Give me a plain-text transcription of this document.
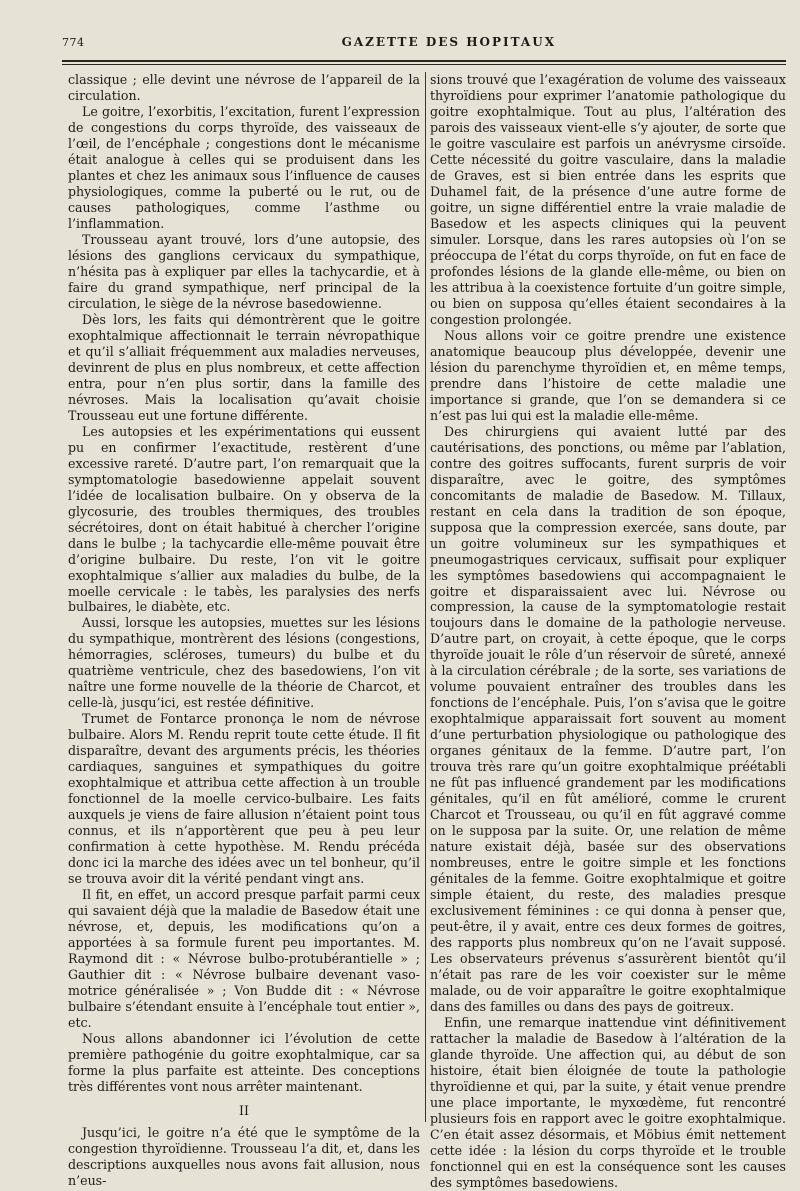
774	GAZETTE DES HOPITAUX

classique ; elle devint une névrose de l’appareil de la circulation.

Le goitre, l’exorbitis, l’excitation, furent l’expression de congestions du corps thyroïde, des vaisseaux de l’œil, de l’encéphale ; congestions dont le mécanisme était analogue à celles qui se produisent dans les plantes et chez les animaux sous l’influence de causes physiologiques, comme la puberté ou le rut, ou de causes pathologiques, comme l’asthme ou l’inflammation.

Trousseau ayant trouvé, lors d’une autopsie, des lésions des ganglions cervicaux du sympathique, n’hésita pas à expliquer par elles la tachycardie, et à faire du grand sympathique, nerf principal de la circulation, le siège de la névrose basedowienne.

Dès lors, les faits qui démontrèrent que le goitre exophtalmique affectionnait le terrain névropathique et qu’il s’alliait fréquemment aux maladies nerveuses, devinrent de plus en plus nombreux, et cette affection entra, pour n’en plus sortir, dans la famille des névroses. Mais la localisation qu’avait choisie Trousseau eut une fortune différente.

Les autopsies et les expérimentations qui eussent pu en confirmer l’exactitude, restèrent d’une excessive rareté. D’autre part, l’on remarquait que la symptomatologie basedowienne appelait souvent l’idée de localisation bulbaire. On y observa de la glycosurie, des troubles thermiques, des troubles sécrétoires, dont on était habitué à chercher l’origine dans le bulbe ; la tachycardie elle-même pouvait être d’origine bulbaire. Du reste, l’on vit le goitre exophtalmique s’allier aux maladies du bulbe, de la moelle cervicale : le tabès, les paralysies des nerfs bulbaires, le diabète, etc.

Aussi, lorsque les autopsies, muettes sur les lésions du sympathique, montrèrent des lésions (congestions, hémorragies, scléroses, tumeurs) du bulbe et du quatrième ventricule, chez des basedowiens, l’on vit naître une forme nouvelle de la théorie de Charcot, et celle-là, jusqu’ici, est restée définitive.

Trumet de Fontarce prononça le nom de névrose bulbaire. Alors M. Rendu reprit toute cette étude. Il fit disparaître, devant des arguments précis, les théories cardiaques, sanguines et sympathiques du goitre exophtalmique et attribua cette affection à un trouble fonctionnel de la moelle cervico-bulbaire. Les faits auxquels je viens de faire allusion n’étaient point tous connus, et ils n’apportèrent que peu à peu leur confirmation à cette hypothèse. M. Rendu précéda donc ici la marche des idées avec un tel bonheur, qu’il se trouva avoir dit la vérité pendant vingt ans.

Il fit, en effet, un accord presque parfait parmi ceux qui savaient déjà que la maladie de Basedow était une névrose, et, depuis, les modifications qu’on a apportées à sa formule furent peu importantes. M. Raymond dit : « Névrose bulbo-protubérantielle » ; Gauthier dit : « Névrose bulbaire devenant vaso-motrice généralisée » ; Von Budde dit : « Névrose bulbaire s’étendant ensuite à l’encéphale tout entier », etc.

Nous allons abandonner ici l’évolution de cette première pathogénie du goitre exophtalmique, car sa forme la plus parfaite est atteinte. Des conceptions très différentes vont nous arrêter maintenant.

II

Jusqu’ici, le goitre n’a été que le symptôme de la congestion thyroïdienne. Trousseau l’a dit, et, dans les descriptions auxquelles nous avons fait allusion, nous n’eus-

sions trouvé que l’exagération de volume des vaisseaux thyroïdiens pour exprimer l’anatomie pathologique du goitre exophtalmique. Tout au plus, l’altération des parois des vaisseaux vient-elle s’y ajouter, de sorte que le goitre vasculaire est parfois un anévrysme cirsoïde. Cette nécessité du goitre vasculaire, dans la maladie de Graves, est si bien entrée dans les esprits que Duhamel fait, de la présence d’une autre forme de goitre, un signe différentiel entre la vraie maladie de Basedow et les aspects cliniques qui la peuvent simuler. Lorsque, dans les rares autopsies où l’on se préoccupa de l’état du corps thyroïde, on fut en face de profondes lésions de la glande elle-même, ou bien on les attribua à la coexistence fortuite d’un goitre simple, ou bien on supposa qu’elles étaient secondaires à la congestion prolongée.

Nous allons voir ce goitre prendre une existence anatomique beaucoup plus développée, devenir une lésion du parenchyme thyroïdien et, en même temps, prendre dans l’histoire de cette maladie une importance si grande, que l’on se demandera si ce n’est pas lui qui est la maladie elle-même.

Des chirurgiens qui avaient lutté par des cautérisations, des ponctions, ou même par l’ablation, contre des goitres suffocants, furent surpris de voir disparaître, avec le goitre, des symptômes concomitants de maladie de Basedow. M. Tillaux, restant en cela dans la tradition de son époque, supposa que la compression exercée, sans doute, par un goitre volumineux sur les sympathiques et pneumogastriques cervicaux, suffisait pour expliquer les symptômes basedowiens qui accompagnaient le goitre et disparaissaient avec lui. Névrose ou compression, la cause de la symptomatologie restait toujours dans le domaine de la pathologie nerveuse. D’autre part, on croyait, à cette époque, que le corps thyroïde jouait le rôle d’un réservoir de sûreté, annexé à la circulation cérébrale ; de la sorte, ses variations de volume pouvaient entraîner des troubles dans les fonctions de l’encéphale. Puis, l’on s’avisa que le goitre exophtalmique apparaissait fort souvent au moment d’une perturbation physiologique ou pathologique des organes génitaux de la femme. D’autre part, l’on trouva très rare qu’un goitre exophtalmique préétabli ne fût pas influencé grandement par les modifications génitales, qu’il en fût amélioré, comme le crurent Charcot et Trousseau, ou qu’il en fût aggravé comme on le supposa par la suite. Or, une relation de même nature existait déjà, basée sur des observations nombreuses, entre le goitre simple et les fonctions génitales de la femme. Goitre exophtalmique et goitre simple étaient, du reste, des maladies presque exclusivement féminines : ce qui donna à penser que, peut-être, il y avait, entre ces deux formes de goitres, des rapports plus nombreux qu’on ne l’avait supposé. Les observateurs prévenus s’assurèrent bientôt qu’il n’était pas rare de les voir coexister sur le même malade, ou de voir apparaître le goitre exophtalmique dans des familles ou dans des pays de goitreux.

Enfin, une remarque inattendue vint définitivement rattacher la maladie de Basedow à l’altération de la glande thyroïde. Une affection qui, au début de son histoire, était bien éloignée de toute la pathologie thyroïdienne et qui, par la suite, y était venue prendre une place importante, le myxœdème, fut rencontré plusieurs fois en rapport avec le goitre exophtalmique. C’en était assez désormais, et Möbius émit nettement cette idée : la lésion du corps thyroïde et le trouble fonctionnel qui en est la conséquence sont les causes des symptômes basedowiens.
